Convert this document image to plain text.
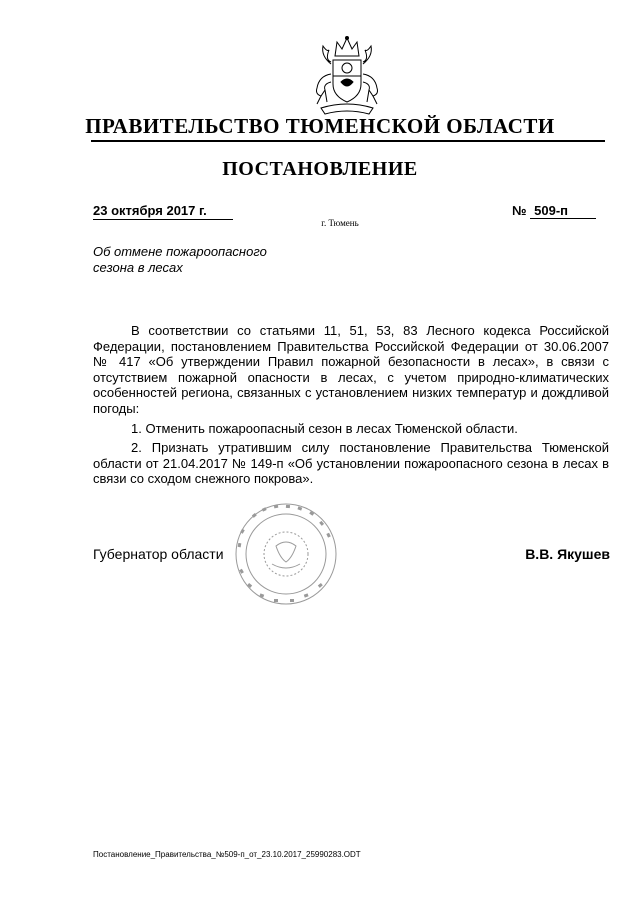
ПРАВИТЕЛЬСТВО ТЮМЕНСКОЙ ОБЛАСТИ
ПОСТАНОВЛЕНИЕ
23 октября 2017 г.	№ 509-п
г. Тюмень
Об отмене пожароопасного
сезона в лесах

В соответствии со статьями 11, 51, 53, 83 Лесного кодекса Российской Федерации, постановлением Правительства Российской Федерации от 30.06.2007 № 417 «Об утверждении Правил пожарной безопасности в лесах», в связи с отсутствием пожарной опасности в лесах, с учетом природно-климатических особенностей региона, связанных с установлением низких температур и дождливой погоды:

1. Отменить пожароопасный сезон в лесах Тюменской области.

2. Признать утратившим силу постановление Правительства Тюменской области от 21.04.2017 № 149-п «Об установлении пожароопасного сезона в лесах в связи со сходом снежного покрова».

Губернатор области	В.В. Якушев
Постановление_Правительства_№509-п_от_23.10.2017_25990283.ODT
